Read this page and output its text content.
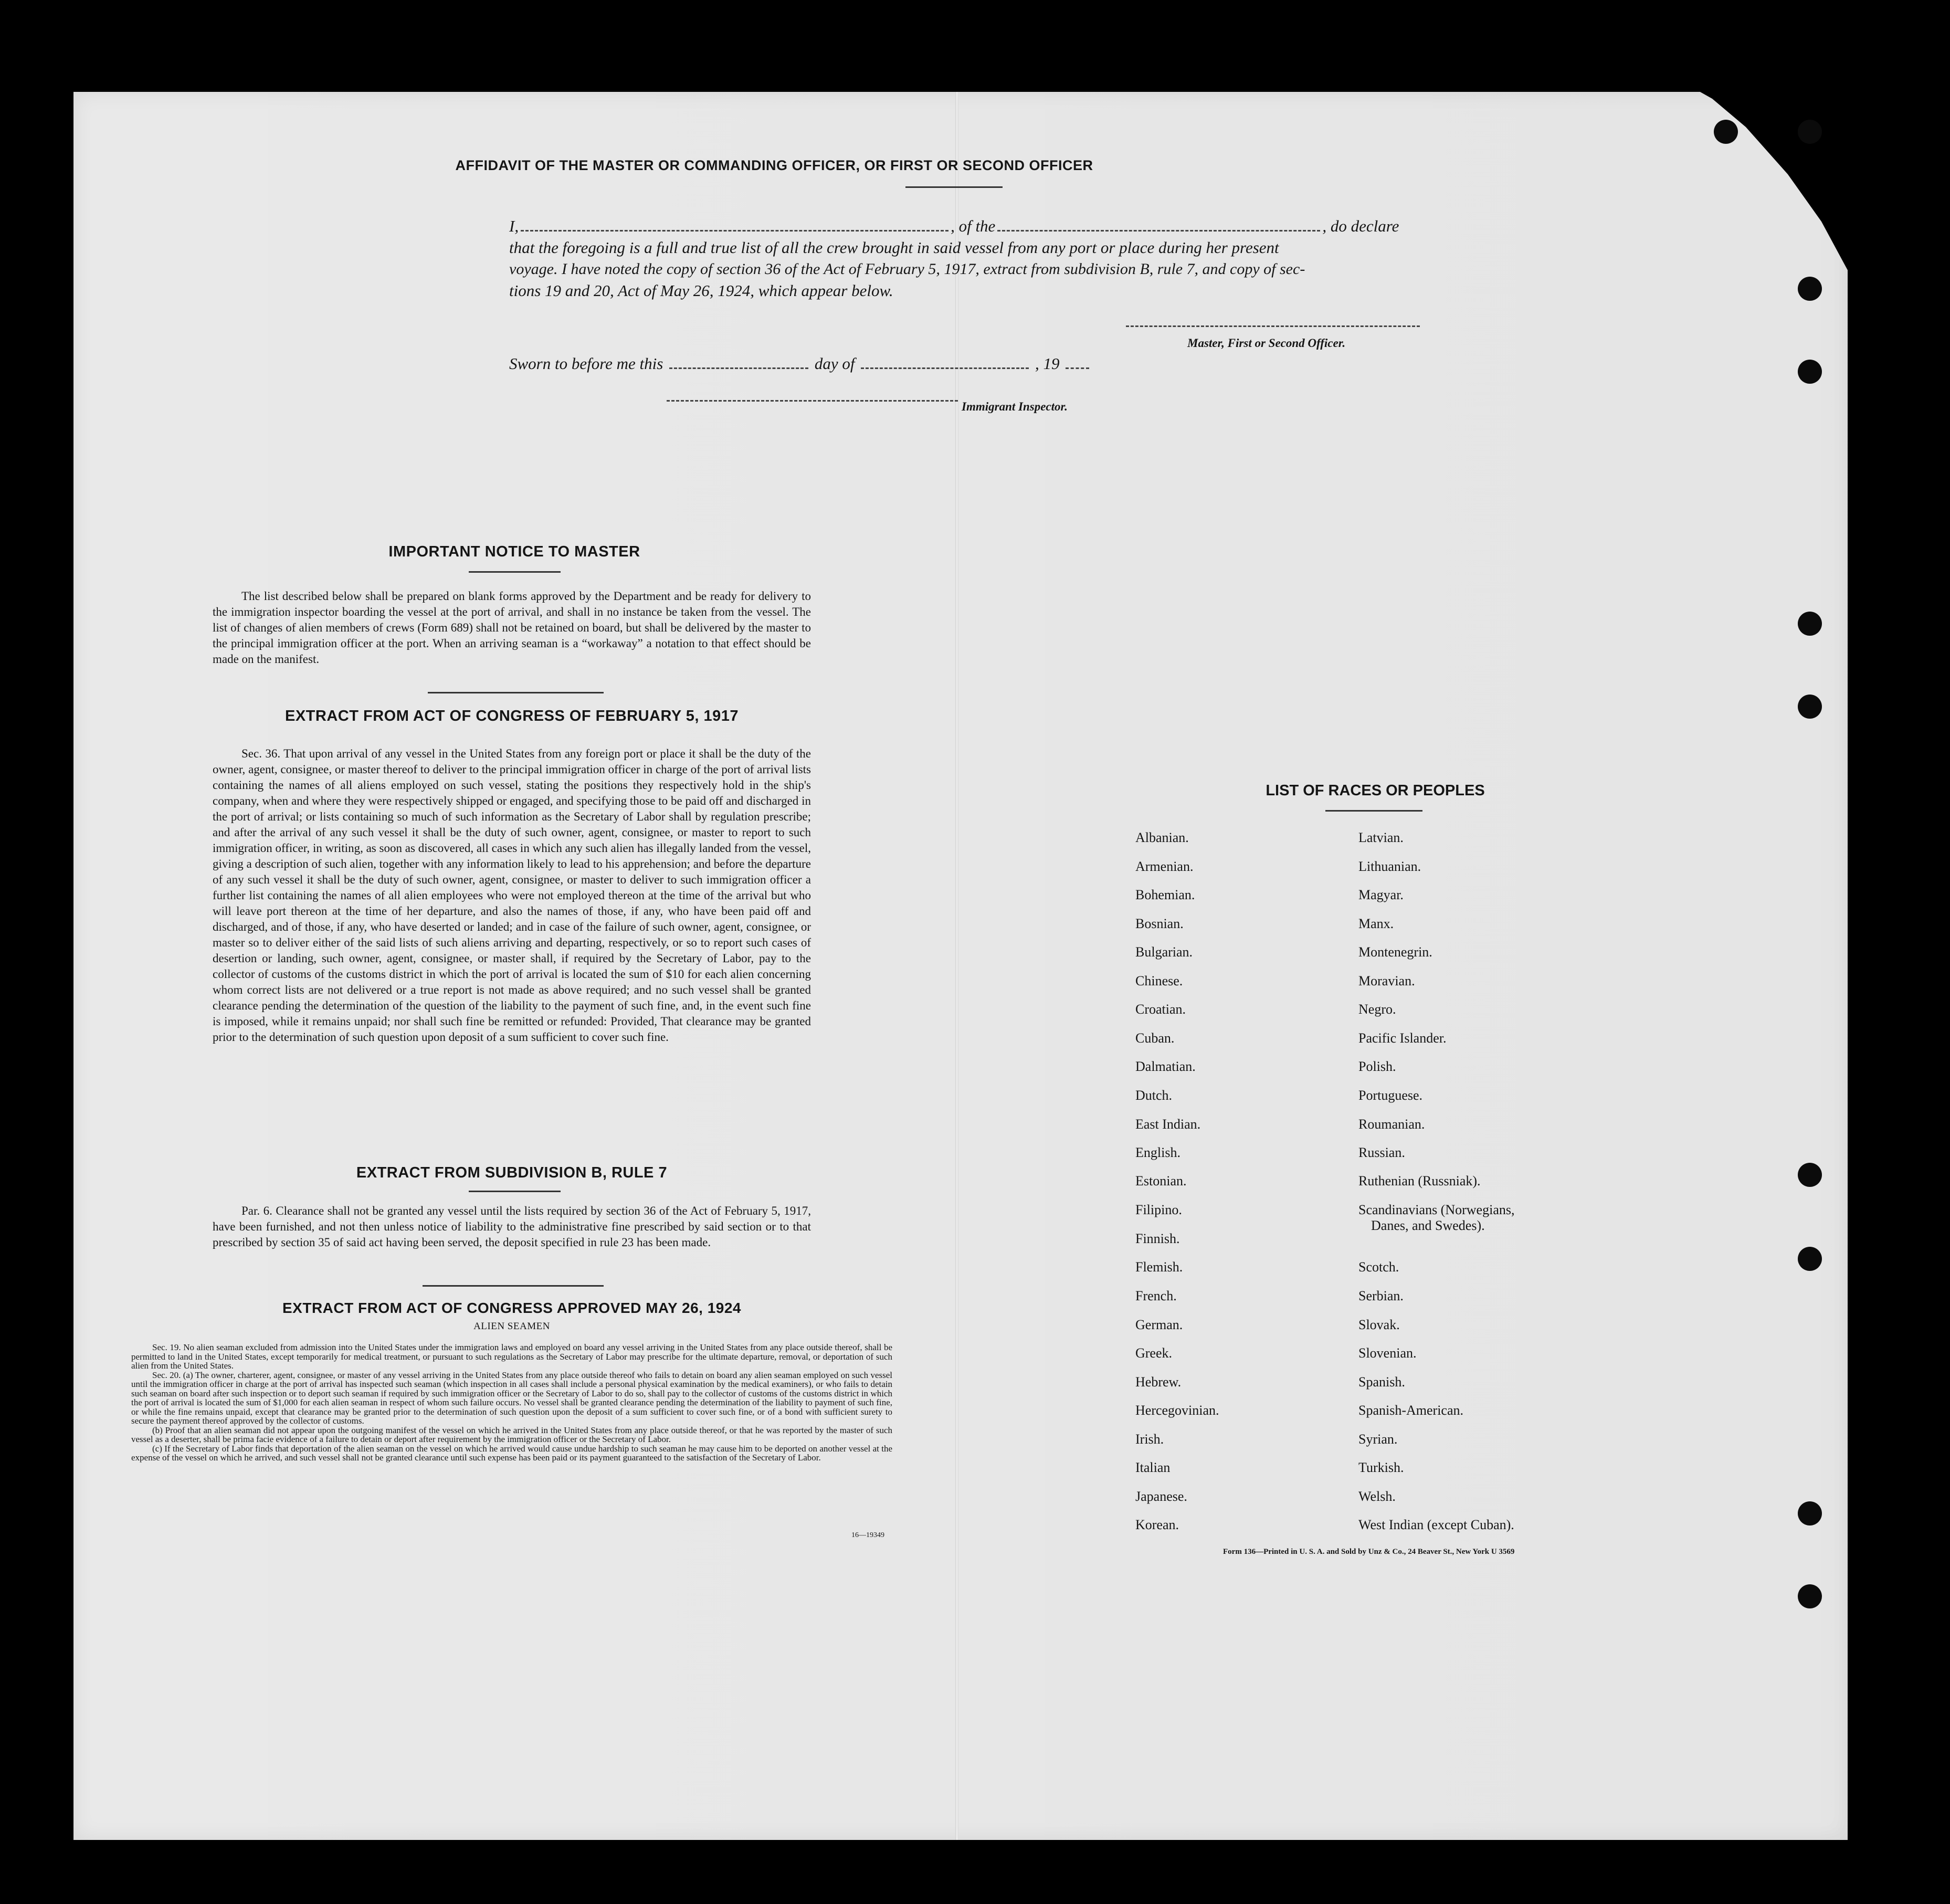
AFFIDAVIT OF THE MASTER OR COMMANDING OFFICER, OR FIRST OR SECOND OFFICER
I,	, of the	, do declare
that the foregoing is a full and true list of all the crew brought in said vessel from any port or place during her present
voyage. I have noted the copy of section 36 of the Act of February 5, 1917, extract from subdivision B, rule 7, and copy of sec-
tions 19 and 20, Act of May 26, 1924, which appear below.
Master, First or Second Officer.
Sworn to before me this	day of	, 19
Immigrant Inspector.
IMPORTANT NOTICE TO MASTER

The list described below shall be prepared on blank forms approved by the Department and be ready for delivery to the immigration inspector boarding the vessel at the port of arrival, and shall in no instance be taken from the vessel. The list of changes of alien members of crews (Form 689) shall not be retained on board, but shall be delivered by the master to the principal immigration officer at the port. When an arriving seaman is a “workaway” a notation to that effect should be made on the manifest.

EXTRACT FROM ACT OF CONGRESS OF FEBRUARY 5, 1917

Sec. 36. That upon arrival of any vessel in the United States from any foreign port or place it shall be the duty of the owner, agent, consignee, or master thereof to deliver to the principal immigration officer in charge of the port of arrival lists containing the names of all aliens employed on such vessel, stating the positions they respectively hold in the ship's company, when and where they were respectively shipped or engaged, and specifying those to be paid off and discharged in the port of arrival; or lists containing so much of such information as the Secretary of Labor shall by regulation prescribe; and after the arrival of any such vessel it shall be the duty of such owner, agent, consignee, or master to report to such immigration officer, in writing, as soon as discovered, all cases in which any such alien has illegally landed from the vessel, giving a description of such alien, together with any information likely to lead to his apprehension; and before the departure of any such vessel it shall be the duty of such owner, agent, consignee, or master to deliver to such immigration officer a further list containing the names of all alien employees who were not employed thereon at the time of the arrival but who will leave port thereon at the time of her departure, and also the names of those, if any, who have been paid off and discharged, and of those, if any, who have deserted or landed; and in case of the failure of such owner, agent, consignee, or master so to deliver either of the said lists of such aliens arriving and departing, respectively, or so to report such cases of desertion or landing, such owner, agent, consignee, or master shall, if required by the Secretary of Labor, pay to the collector of customs of the customs district in which the port of arrival is located the sum of $10 for each alien concerning whom correct lists are not delivered or a true report is not made as above required; and no such vessel shall be granted clearance pending the determination of the question of the liability to the payment of such fine, and, in the event such fine is imposed, while it remains unpaid; nor shall such fine be remitted or refunded: Provided, That clearance may be granted prior to the determination of such question upon deposit of a sum sufficient to cover such fine.

EXTRACT FROM SUBDIVISION B, RULE 7

Par. 6. Clearance shall not be granted any vessel until the lists required by section 36 of the Act of February 5, 1917, have been furnished, and not then unless notice of liability to the administrative fine prescribed by said section or to that prescribed by section 35 of said act having been served, the deposit specified in rule 23 has been made.

EXTRACT FROM ACT OF CONGRESS APPROVED MAY 26, 1924
ALIEN SEAMEN

Sec. 19. No alien seaman excluded from admission into the United States under the immigration laws and employed on board any vessel arriving in the United States from any place outside thereof, shall be permitted to land in the United States, except temporarily for medical treatment, or pursuant to such regulations as the Secretary of Labor may prescribe for the ultimate departure, removal, or deportation of such alien from the United States.

Sec. 20. (a) The owner, charterer, agent, consignee, or master of any vessel arriving in the United States from any place outside thereof who fails to detain on board any alien seaman employed on such vessel until the immigration officer in charge at the port of arrival has inspected such seaman (which inspection in all cases shall include a personal physical examination by the medical examiners), or who fails to detain such seaman on board after such inspection or to deport such seaman if required by such immigration officer or the Secretary of Labor to do so, shall pay to the collector of customs of the customs district in which the port of arrival is located the sum of $1,000 for each alien seaman in respect of whom such failure occurs. No vessel shall be granted clearance pending the determination of the liability to payment of such fine, or while the fine remains unpaid, except that clearance may be granted prior to the determination of such question upon the deposit of a sum sufficient to cover such fine, or of a bond with sufficient surety to secure the payment thereof approved by the collector of customs.

(b) Proof that an alien seaman did not appear upon the outgoing manifest of the vessel on which he arrived in the United States from any place outside thereof, or that he was reported by the master of such vessel as a deserter, shall be prima facie evidence of a failure to detain or deport after requirement by the immigration officer or the Secretary of Labor.

(c) If the Secretary of Labor finds that deportation of the alien seaman on the vessel on which he arrived would cause undue hardship to such seaman he may cause him to be deported on another vessel at the expense of the vessel on which he arrived, and such vessel shall not be granted clearance until such expense has been paid or its payment guaranteed to the satisfaction of the Secretary of Labor.

16—19349
LIST OF RACES OR PEOPLES
Albanian.
Armenian.
Bohemian.
Bosnian.
Bulgarian.
Chinese.
Croatian.
Cuban.
Dalmatian.
Dutch.
East Indian.
English.
Estonian.
Filipino.
Finnish.
Flemish.
French.
German.
Greek.
Hebrew.
Hercegovinian.
Irish.
Italian
Japanese.
Korean.
Latvian.
Lithuanian.
Magyar.
Manx.
Montenegrin.
Moravian.
Negro.
Pacific Islander.
Polish.
Portuguese.
Roumanian.
Russian.
Ruthenian (Russniak).
Scandinavians (Norwegians,
Danes, and Swedes).
Scotch.
Serbian.
Slovak.
Slovenian.
Spanish.
Spanish-American.
Syrian.
Turkish.
Welsh.
West Indian (except Cuban).
Form 136—Printed in U. S. A. and Sold by Unz & Co., 24 Beaver St., New York U 3569
